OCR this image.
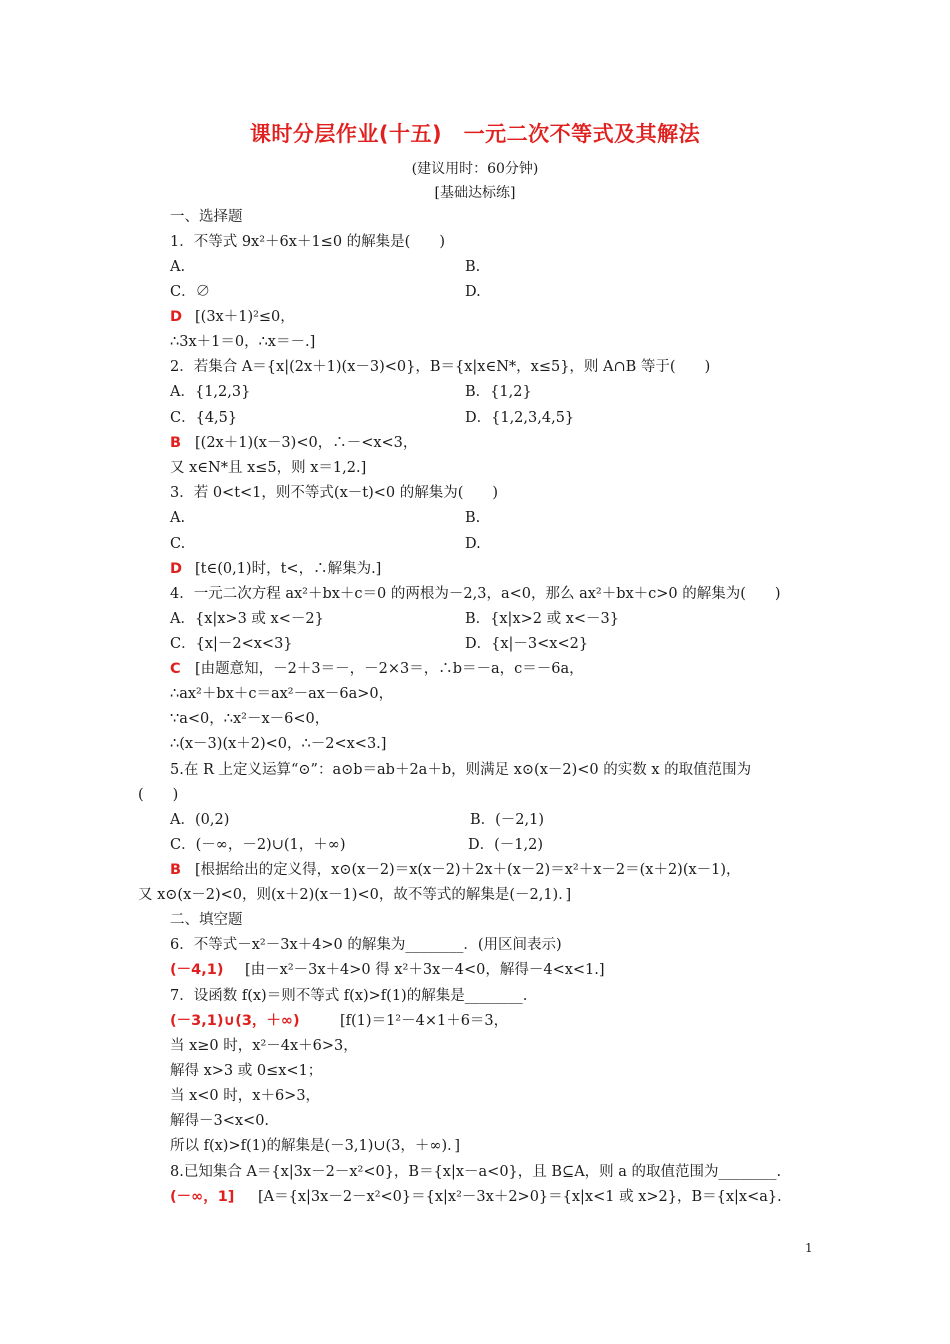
课时分层作业(十五)　一元二次不等式及其解法
(建议用时：60分钟)
[基础达标练]
一、选择题
1．不等式 9x²＋6x＋1≤0 的解集是(　　)
A.	B.
C．∅	D.
D [(3x＋1)²≤0，
∴3x＋1＝0，∴x＝－.]
2．若集合 A＝{x|(2x＋1)(x－3)<0}，B＝{x|x∈N*，x≤5}，则 A∩B 等于(　　)
A．{1,2,3}	B．{1,2}
C．{4,5}	D．{1,2,3,4,5}
B [(2x＋1)(x－3)<0，∴－<x<3，
又 x∈N*且 x≤5，则 x＝1,2.]
3．若 0<t<1，则不等式(x－t)<0 的解集为(　　)
A.	B.
C.	D.
D [t∈(0,1)时，t<，∴解集为.]
4．一元二次方程 ax²＋bx＋c＝0 的两根为－2,3，a<0，那么 ax²＋bx＋c>0 的解集为(　　)
A．{x|x>3 或 x<－2}	B．{x|x>2 或 x<－3}
C．{x|－2<x<3}	D．{x|－3<x<2}
C [由题意知，－2＋3＝－，－2×3＝，∴b＝－a，c＝－6a，
∴ax²＋bx＋c＝ax²－ax－6a>0，
∵a<0，∴x²－x－6<0，
∴(x－3)(x＋2)<0，∴－2<x<3.]
5.在 R 上定义运算“⊙”：a⊙b＝ab＋2a＋b，则满足 x⊙(x－2)<0 的实数 x 的取值范围为
(　　)
A．(0,2)	B．(－2,1)
C．(－∞，－2)∪(1，＋∞)	D．(－1,2)
B [根据给出的定义得，x⊙(x－2)＝x(x－2)＋2x＋(x－2)＝x²＋x－2＝(x＋2)(x－1)，
又 x⊙(x－2)<0，则(x＋2)(x－1)<0，故不等式的解集是(－2,1)．]
二、填空题
6．不等式－x²－3x＋4>0 的解集为________．(用区间表示)
(－4,1) [由－x²－3x＋4>0 得 x²＋3x－4<0，解得－4<x<1.]
7．设函数 f(x)＝则不等式 f(x)>f(1)的解集是________.
(－3,1)∪(3，＋∞)	[f(1)＝1²－4×1＋6＝3，
当 x≥0 时，x²－4x＋6>3，
解得 x>3 或 0≤x<1；
当 x<0 时，x＋6>3，
解得－3<x<0.
所以 f(x)>f(1)的解集是(－3,1)∪(3，＋∞)．]
8.已知集合 A＝{x|3x－2－x²<0}，B＝{x|x－a<0}，且 B⊆A，则 a 的取值范围为________.
(－∞，1] [A＝{x|3x－2－x²<0}＝{x|x²－3x＋2>0}＝{x|x<1 或 x>2}，B＝{x|x<a}.
1
